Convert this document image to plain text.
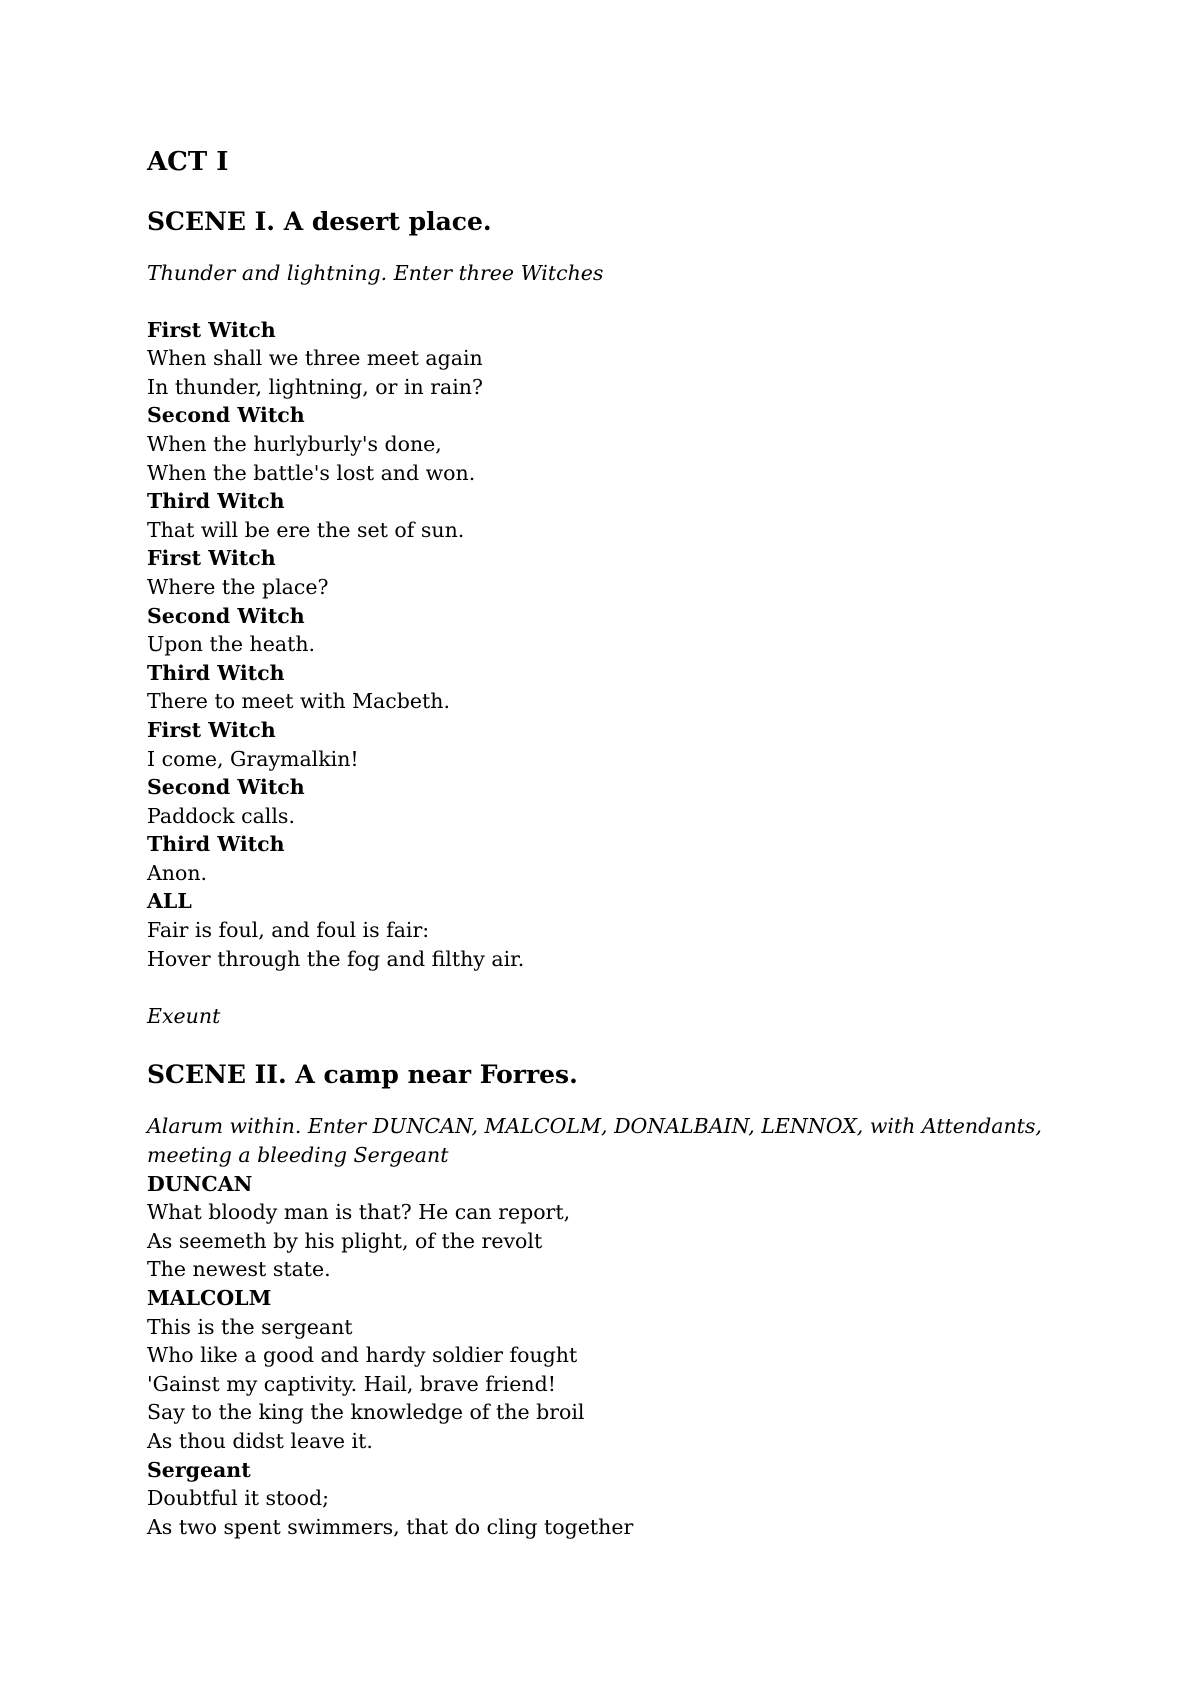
ACT I
SCENE I. A desert place.
Thunder and lightning. Enter three Witches
First Witch
When shall we three meet again
In thunder, lightning, or in rain?
Second Witch
When the hurlyburly's done,
When the battle's lost and won.
Third Witch
That will be ere the set of sun.
First Witch
Where the place?
Second Witch
Upon the heath.
Third Witch
There to meet with Macbeth.
First Witch
I come, Graymalkin!
Second Witch
Paddock calls.
Third Witch
Anon.
ALL
Fair is foul, and foul is fair:
Hover through the fog and filthy air.
Exeunt
SCENE II. A camp near Forres.
Alarum within. Enter DUNCAN, MALCOLM, DONALBAIN, LENNOX, with Attendants,
meeting a bleeding Sergeant
DUNCAN
What bloody man is that? He can report,
As seemeth by his plight, of the revolt
The newest state.
MALCOLM
This is the sergeant
Who like a good and hardy soldier fought
'Gainst my captivity. Hail, brave friend!
Say to the king the knowledge of the broil
As thou didst leave it.
Sergeant
Doubtful it stood;
As two spent swimmers, that do cling together
